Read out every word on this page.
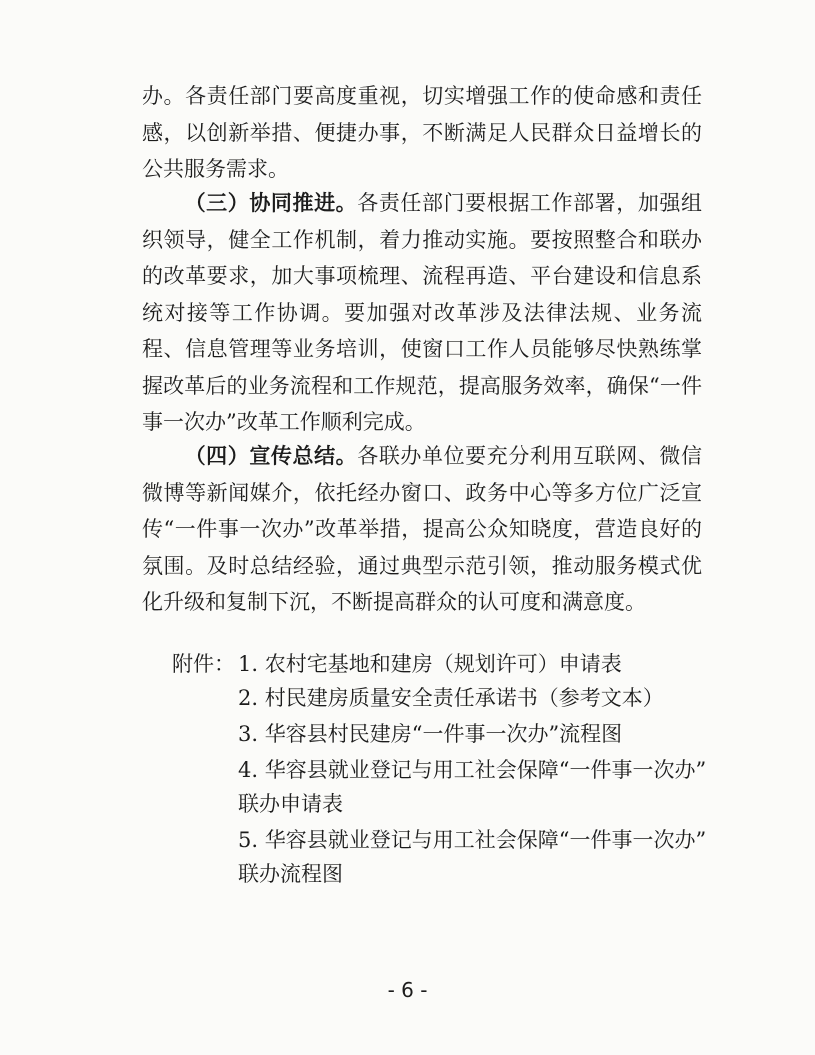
办。各责任部门要高度重视，切实增强工作的使命感和责任感，以创新举措、便捷办事，不断满足人民群众日益增长的公共服务需求。

（三）协同推进。各责任部门要根据工作部署，加强组织领导，健全工作机制，着力推动实施。要按照整合和联办的改革要求，加大事项梳理、流程再造、平台建设和信息系统对接等工作协调。要加强对改革涉及法律法规、业务流程、信息管理等业务培训，使窗口工作人员能够尽快熟练掌握改革后的业务流程和工作规范，提高服务效率，确保“一件事一次办”改革工作顺利完成。

（四）宣传总结。各联办单位要充分利用互联网、微信微博等新闻媒介，依托经办窗口、政务中心等多方位广泛宣传“一件事一次办”改革举措，提高公众知晓度，营造良好的氛围。及时总结经验，通过典型示范引领，推动服务模式优化升级和复制下沉，不断提高群众的认可度和满意度。

附件： 1. 农村宅基地和建房（规划许可）申请表
2. 村民建房质量安全责任承诺书（参考文本）
3. 华容县村民建房“一件事一次办”流程图
4. 华容县就业登记与用工社会保障“一件事一次办”
联办申请表
5. 华容县就业登记与用工社会保障“一件事一次办”
联办流程图
- 6 -
